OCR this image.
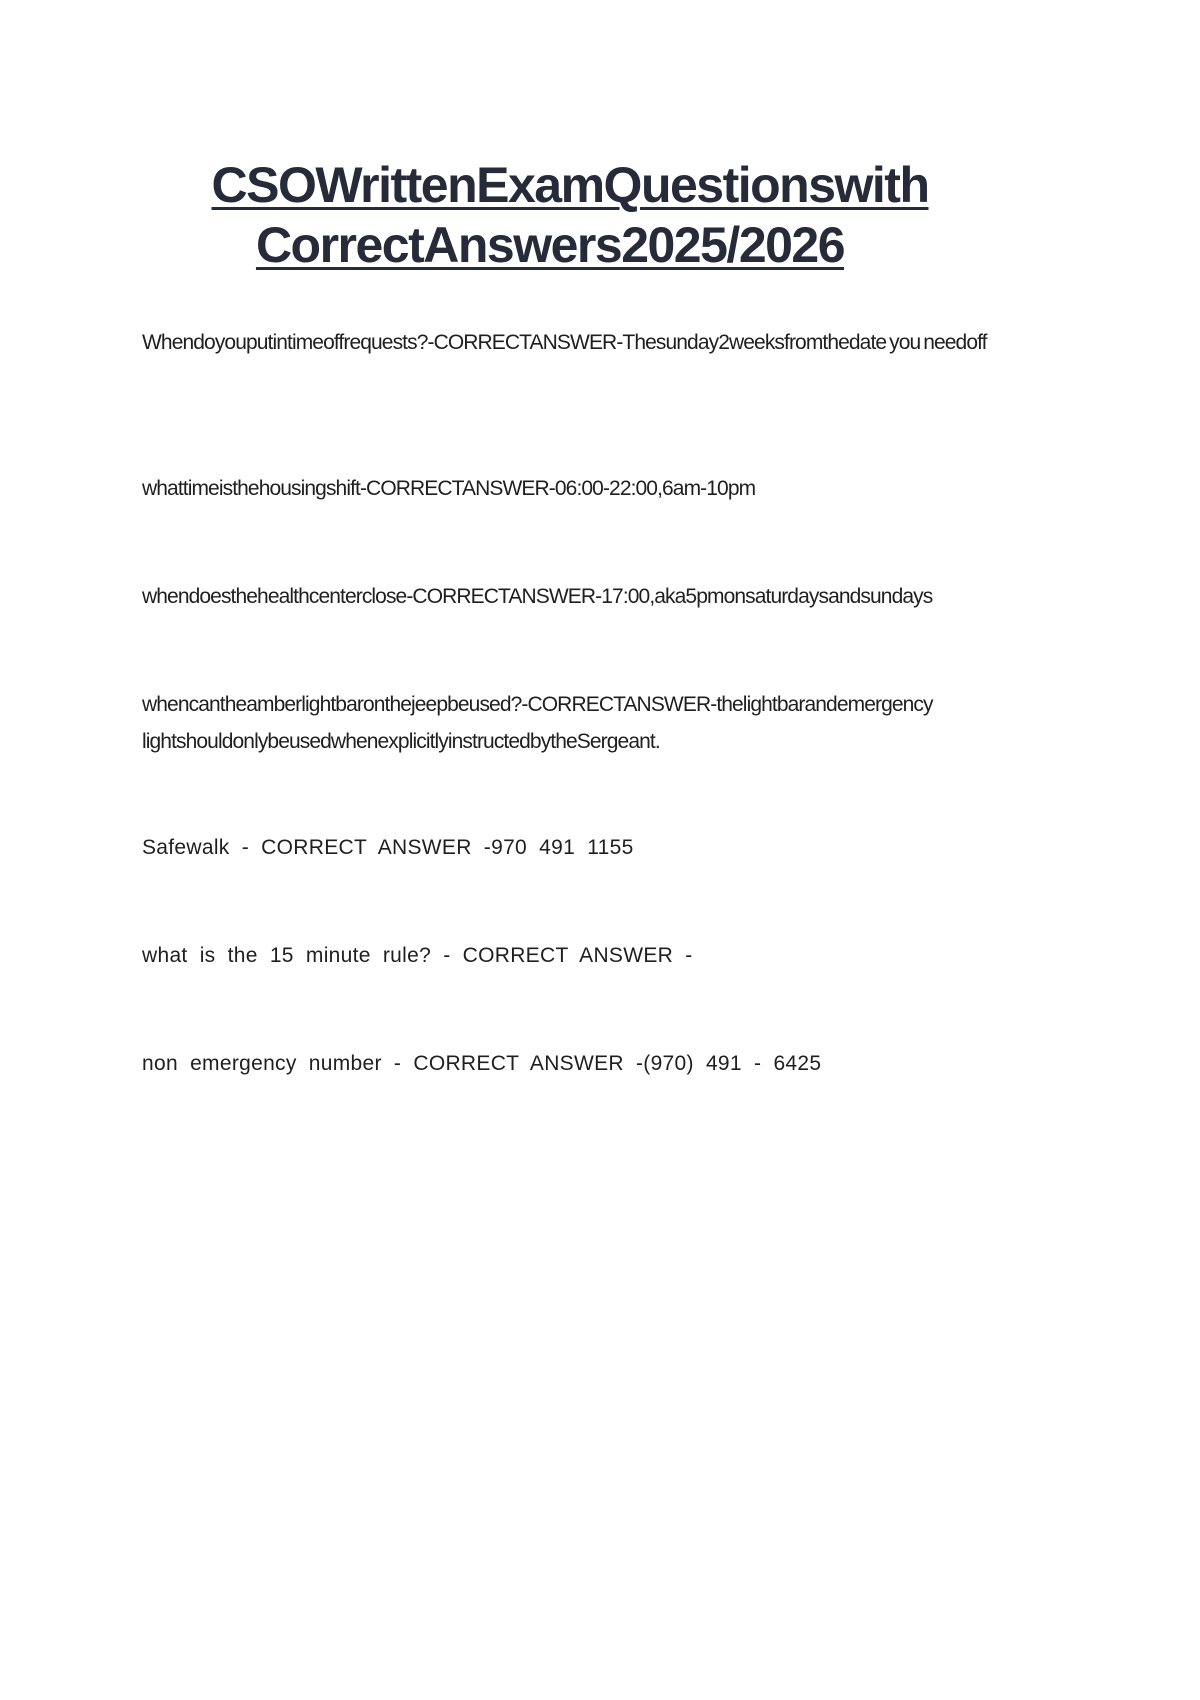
CSOWrittenExamQuestionswith
CorrectAnswers2025/2026

Whendoyouputintimeoffrequests?-CORRECTANSWER-Thesunday2weeksfromthedate you needoff

whattimeisthehousingshift-CORRECTANSWER-06:00-22:00,6am-10pm

whendoesthehealthcenterclose-CORRECTANSWER-17:00,aka5pmonsaturdaysandsundays

whencantheamberlightbaronthejeepbeused?-CORRECTANSWER-thelightbarandemergency lightshouldonlybeusedwhenexplicitlyinstructedbytheSergeant.

Safewalk - CORRECT ANSWER -970 491 1155

what is the 15 minute rule? - CORRECT ANSWER -

non emergency number - CORRECT ANSWER -(970) 491 - 6425
